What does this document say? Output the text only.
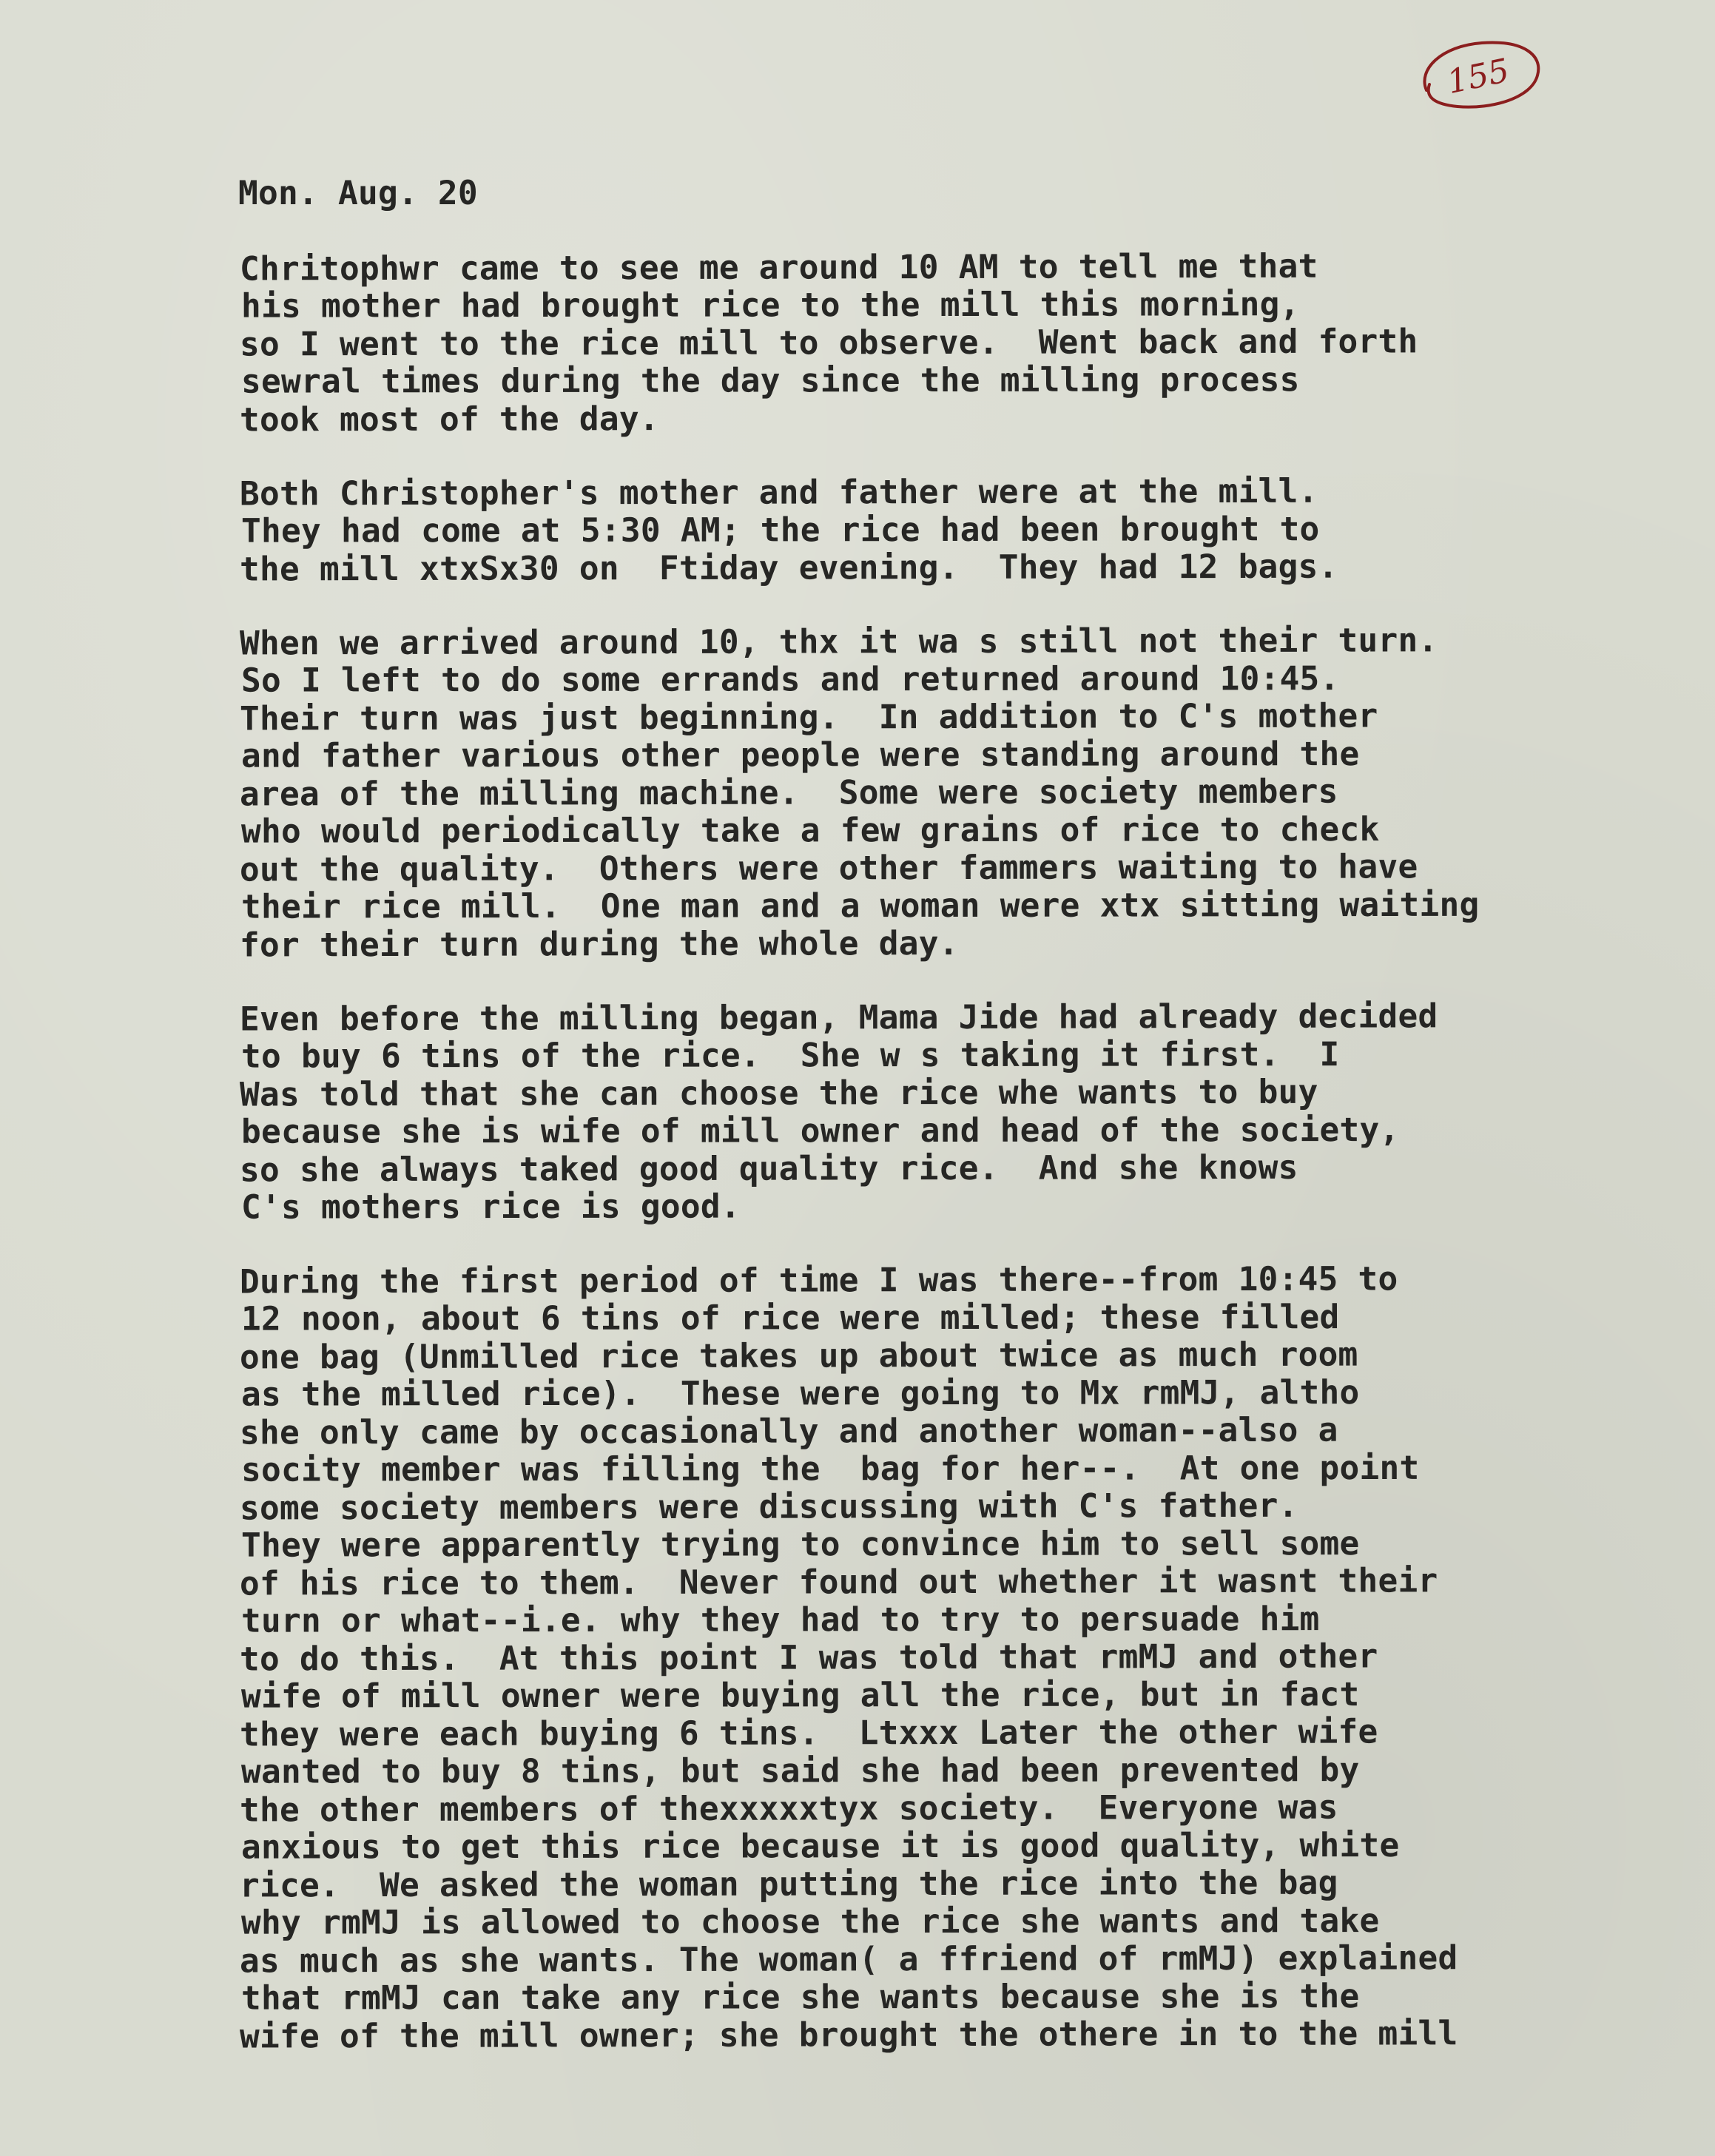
155
Mon. Aug. 20
Chritophwr came to see me around 10 AM to tell me that
his mother had brought rice to the mill this morning,
so I went to the rice mill to observe.  Went back and forth
sewral times during the day since the milling process
took most of the day.
Both Christopher's mother and father were at the mill.
They had come at 5:30 AM; the rice had been brought to
the mill xtxSx30 on  Ftiday evening.  They had 12 bags.
When we arrived around 10, thx it wa s still not their turn.
So I left to do some errands and returned around 10:45.
Their turn was just beginning.  In addition to C's mother
and father various other people were standing around the
area of the milling machine.  Some were society members
who would periodically take a few grains of rice to check
out the quality.  Others were other fammers waiting to have
their rice mill.  One man and a woman were xtx sitting waiting
for their turn during the whole day.
Even before the milling began, Mama Jide had already decided
to buy 6 tins of the rice.  She w s taking it first.  I
Was told that she can choose the rice whe wants to buy
because she is wife of mill owner and head of the society,
so she always taked good quality rice.  And she knows
C's mothers rice is good.
During the first period of time I was there--from 10:45 to
12 noon, about 6 tins of rice were milled; these filled
one bag (Unmilled rice takes up about twice as much room
as the milled rice).  These were going to Mx rmMJ, altho
she only came by occasionally and another woman--also a
socity member was filling the  bag for her--.  At one point
some society members were discussing with C's father.
They were apparently trying to convince him to sell some
of his rice to them.  Never found out whether it wasnt their
turn or what--i.e. why they had to try to persuade him
to do this.  At this point I was told that rmMJ and other
wife of mill owner were buying all the rice, but in fact
they were each buying 6 tins.  Ltxxx Later the other wife
wanted to buy 8 tins, but said she had been prevented by
the other members of thexxxxxtyx society.  Everyone was
anxious to get this rice because it is good quality, white
rice.  We asked the woman putting the rice into the bag
why rmMJ is allowed to choose the rice she wants and take
as much as she wants. The woman( a ffriend of rmMJ) explained
that rmMJ can take any rice she wants because she is the
wife of the mill owner; she brought the othere in to the mill
